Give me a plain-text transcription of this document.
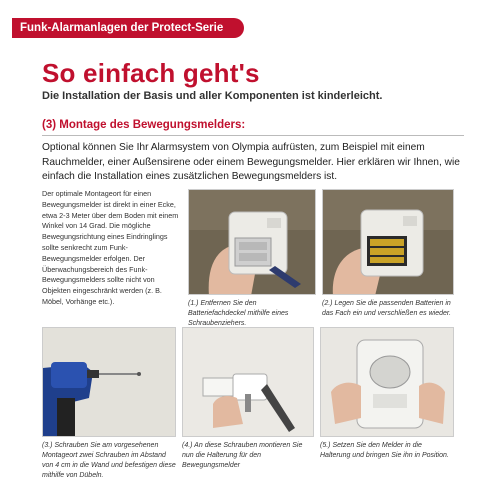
Funk-Alarmanlagen der Protect-Serie
So einfach geht's
Die Installation der Basis und aller Komponenten ist kinderleicht.
(3) Montage des Bewegungsmelders:
Optional können Sie Ihr Alarmsystem von Olympia aufrüsten, zum Beispiel mit einem Rauchmelder, einer Außensirene oder einem Bewegungsmelder. Hier erklären wir Ihnen, wie einfach die Installation eines zusätzlichen Bewegungsmelders ist.
Der optimale Montageort für einen Bewegungsmelder ist direkt in einer Ecke, etwa 2-3 Meter über dem Boden mit einem Winkel von 14 Grad. Die mögliche Bewegungsrichtung eines Eindringlings sollte senkrecht zum Funk-Bewegungsmelder erfolgen. Der Überwachungsbereich des Funk-Bewegungsmelders sollte nicht von Objekten eingeschränkt werden (z. B. Möbel, Vorhänge etc.).	(1.) Entfernen Sie den Batteriefachdeckel mithilfe eines Schraubenziehers.
(2.) Legen Sie die passenden Batterien in das Fach ein und verschließen es wieder.
(3.) Schrauben Sie am vorgesehenen Montageort zwei Schrauben im Abstand von 4 cm in die Wand und befestigen diese mithilfe von Dübeln.
(4.) An diese Schrauben montieren Sie nun die Halterung für den Bewegungsmelder
(5.) Setzen Sie den Melder in die Halterung und bringen Sie ihn in Position.
